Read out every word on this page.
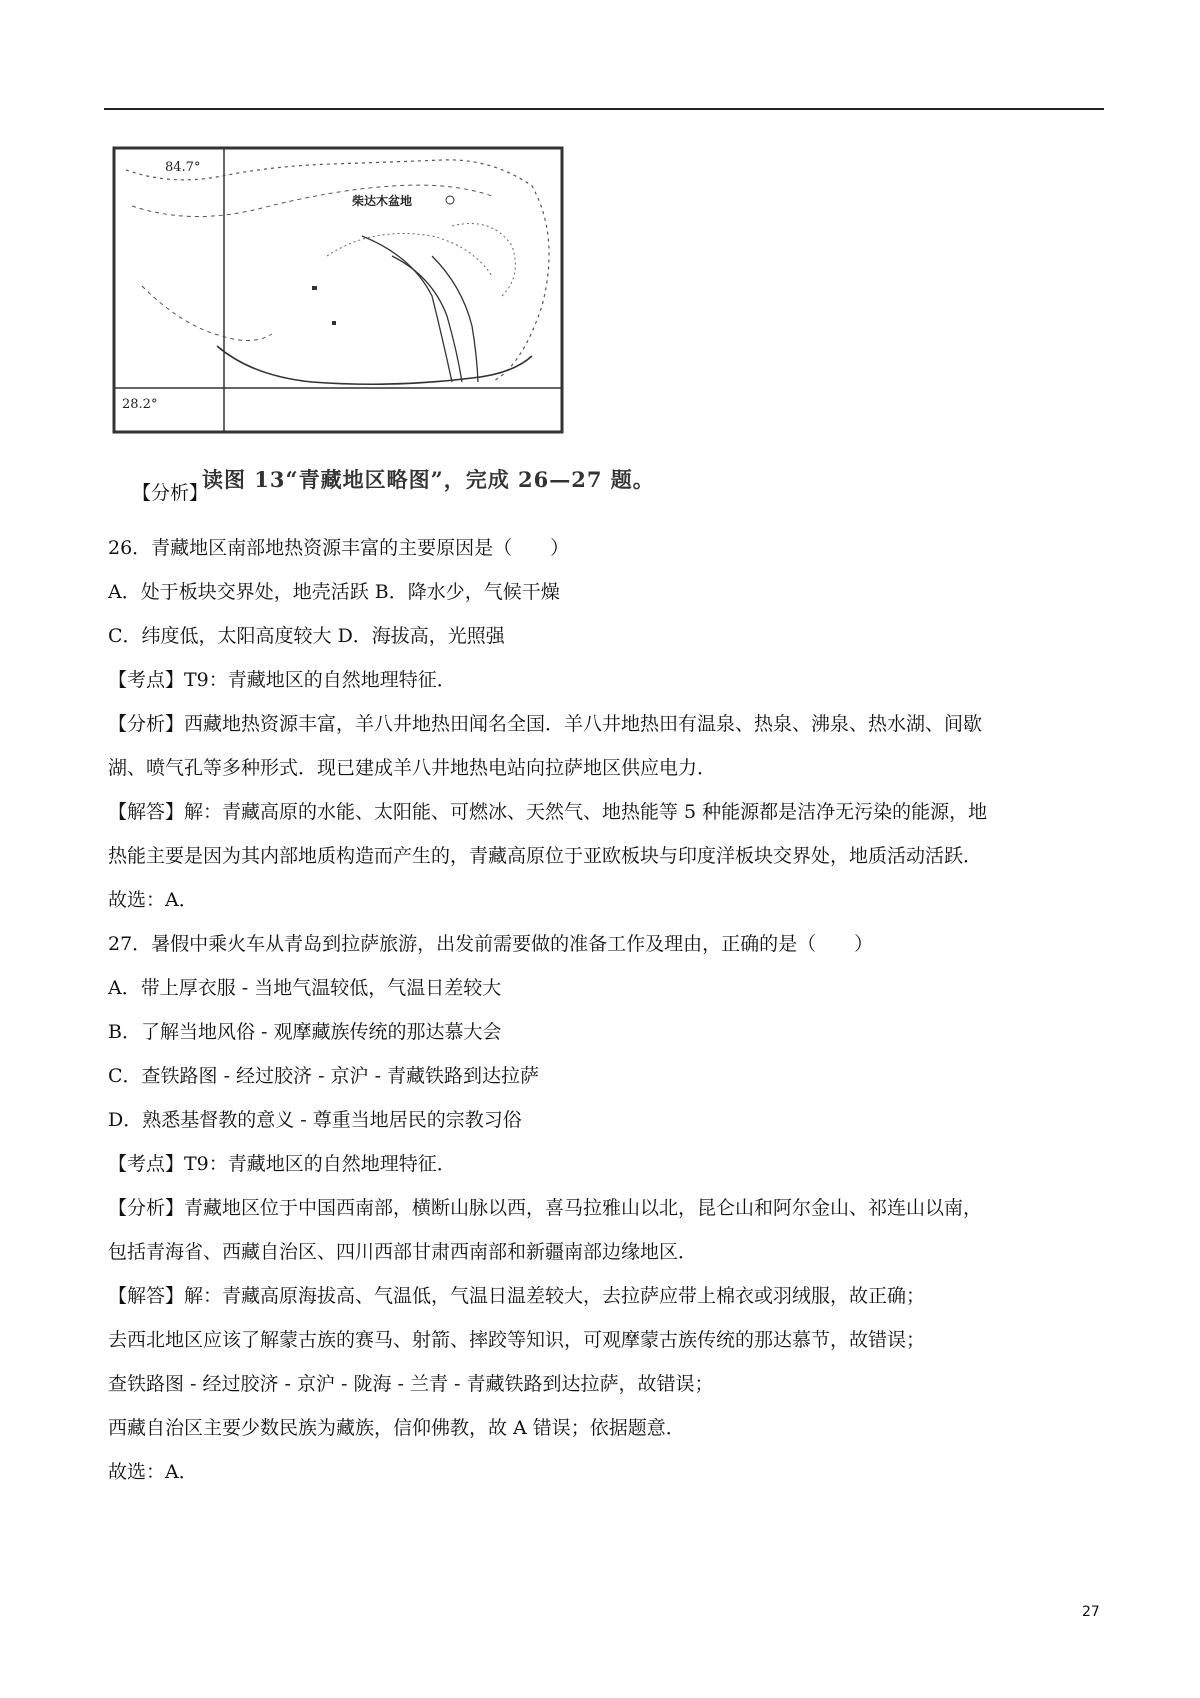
84.7°
28.2°
柴达木盆地
【分析】
读图 13“青藏地区略图”，完成 26—27 题。
26．青藏地区南部地热资源丰富的主要原因是（　　）
A．处于板块交界处，地壳活跃 B．降水少，气候干燥
C．纬度低，太阳高度较大 D．海拔高，光照强
【考点】T9：青藏地区的自然地理特征．
【分析】西藏地热资源丰富，羊八井地热田闻名全国．羊八井地热田有温泉、热泉、沸泉、热水湖、间歇
湖、喷气孔等多种形式．现已建成羊八井地热电站向拉萨地区供应电力．
【解答】解：青藏高原的水能、太阳能、可燃冰、天然气、地热能等 5 种能源都是洁净无污染的能源，地
热能主要是因为其内部地质构造而产生的，青藏高原位于亚欧板块与印度洋板块交界处，地质活动活跃．
故选：A．
27．暑假中乘火车从青岛到拉萨旅游，出发前需要做的准备工作及理由，正确的是（　　）
A．带上厚衣服 - 当地气温较低，气温日差较大
B．了解当地风俗 - 观摩藏族传统的那达慕大会
C．查铁路图 - 经过胶济 - 京沪 - 青藏铁路到达拉萨
D．熟悉基督教的意义 - 尊重当地居民的宗教习俗
【考点】T9：青藏地区的自然地理特征．
【分析】青藏地区位于中国西南部，横断山脉以西，喜马拉雅山以北，昆仑山和阿尔金山、祁连山以南，
包括青海省、西藏自治区、四川西部甘肃西南部和新疆南部边缘地区．
【解答】解：青藏高原海拔高、气温低，气温日温差较大，去拉萨应带上棉衣或羽绒服，故正确；
去西北地区应该了解蒙古族的赛马、射箭、摔跤等知识，可观摩蒙古族传统的那达慕节，故错误；
查铁路图 - 经过胶济 - 京沪 - 陇海 - 兰青 - 青藏铁路到达拉萨，故错误；
西藏自治区主要少数民族为藏族，信仰佛教，故 A 错误；依据题意．
故选：A．
27
